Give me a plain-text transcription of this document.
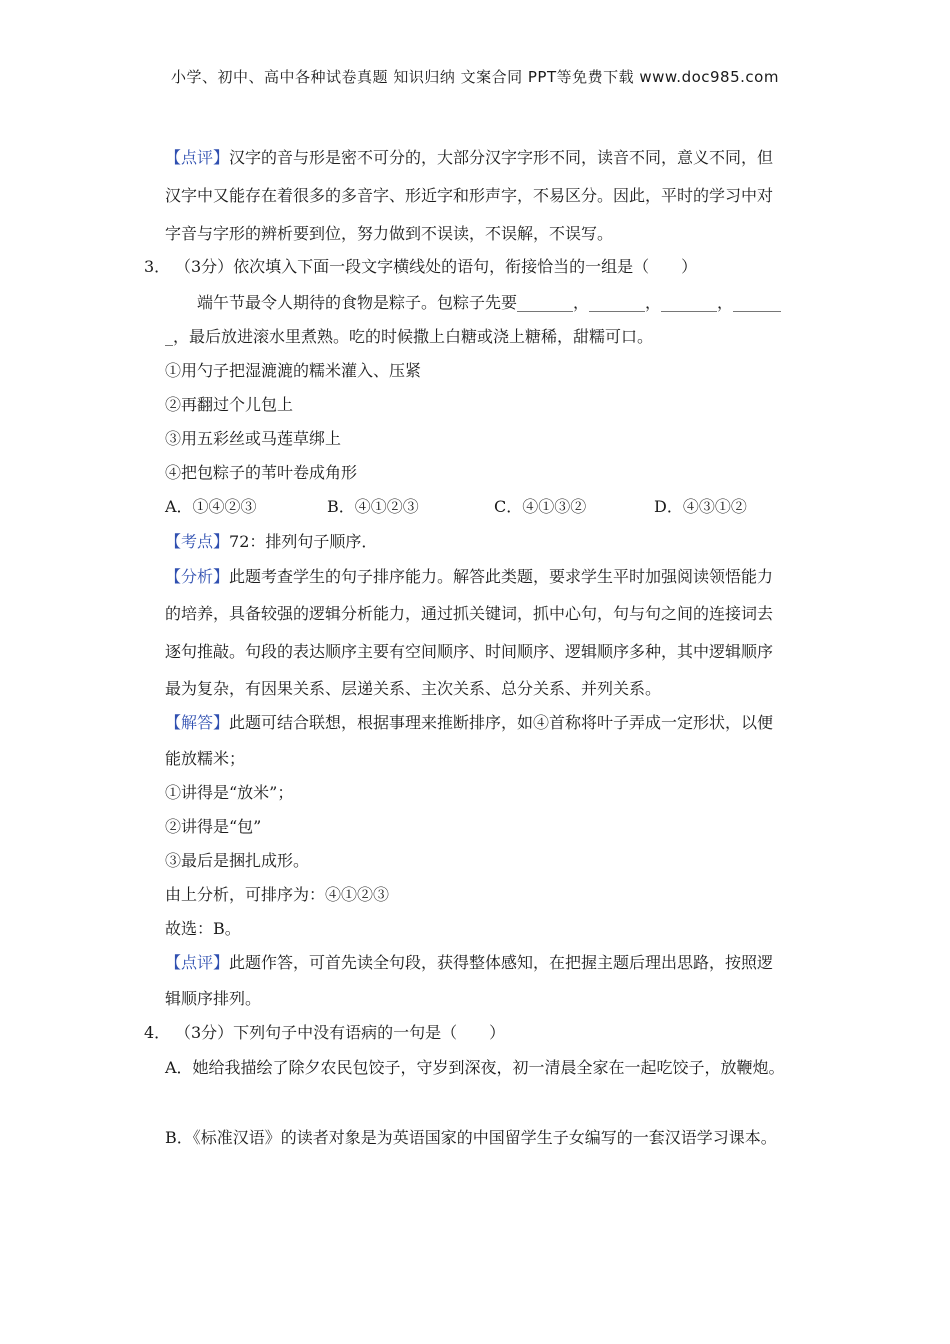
小学、初中、高中各种试卷真题 知识归纳 文案合同 PPT等免费下载 www.doc985.com
【点评】汉字的音与形是密不可分的，大部分汉字字形不同，读音不同，意义不同，但
汉字中又能存在着很多的多音字、形近字和形声字，不易区分。因此，平时的学习中对
字音与字形的辨析要到位，努力做到不误读，不误解，不误写。
3． （3分）依次填入下面一段文字横线处的语句，衔接恰当的一组是（　　）
端午节最令人期待的食物是粽子。包粽子先要_______，_______，_______，______
_，最后放进滚水里煮熟。吃的时候撒上白糖或浇上糖稀，甜糯可口。
①用勺子把湿漉漉的糯米灌入、压紧
②再翻过个儿包上
③用五彩丝或马莲草绑上
④把包粽子的苇叶卷成角形
A．①④②③	B．④①②③	C．④①③②	D．④③①②
【考点】72：排列句子顺序．
【分析】此题考查学生的句子排序能力。解答此类题，要求学生平时加强阅读领悟能力
的培养，具备较强的逻辑分析能力，通过抓关键词，抓中心句，句与句之间的连接词去
逐句推敲。句段的表达顺序主要有空间顺序、时间顺序、逻辑顺序多种，其中逻辑顺序
最为复杂，有因果关系、层递关系、主次关系、总分关系、并列关系。
【解答】此题可结合联想，根据事理来推断排序，如④首称将叶子弄成一定形状，以便
能放糯米；
①讲得是“放米”；
②讲得是“包”
③最后是捆扎成形。
由上分析，可排序为：④①②③
故选：B。
【点评】此题作答，可首先读全句段，获得整体感知，在把握主题后理出思路，按照逻
辑顺序排列。
4． （3分）下列句子中没有语病的一句是（　　）
A．她给我描绘了除夕农民包饺子，守岁到深夜，初一清晨全家在一起吃饺子，放鞭炮。
B．《标准汉语》的读者对象是为英语国家的中国留学生子女编写的一套汉语学习课本。
